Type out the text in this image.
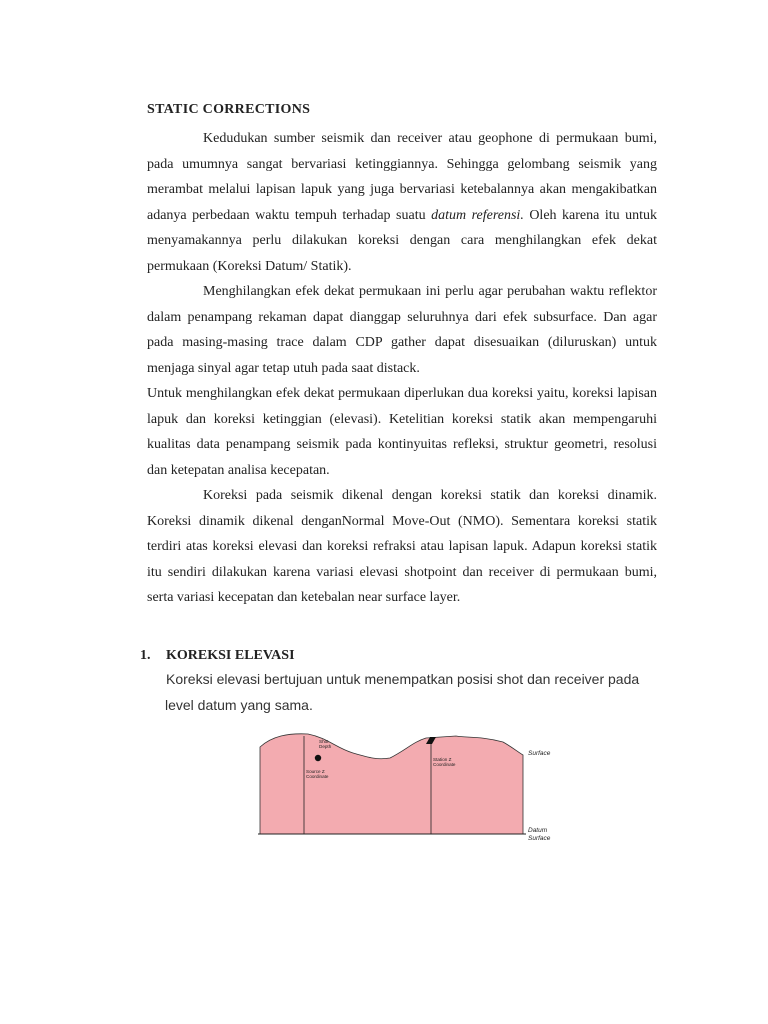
STATIC CORRECTIONS

Kedudukan sumber seismik dan receiver atau geophone di permukaan bumi, pada umumnya sangat bervariasi ketinggiannya. Sehingga gelombang seismik yang merambat melalui lapisan lapuk yang juga bervariasi ketebalannya akan mengakibatkan adanya perbedaan waktu tempuh terhadap suatu datum referensi. Oleh karena itu untuk menyamakannya perlu dilakukan koreksi dengan cara menghilangkan efek dekat permukaan (Koreksi Datum/ Statik).

Menghilangkan efek dekat permukaan ini perlu agar perubahan waktu reflektor dalam penampang rekaman dapat dianggap seluruhnya dari efek subsurface. Dan agar pada masing-masing trace dalam CDP gather dapat disesuaikan (diluruskan) untuk menjaga sinyal agar tetap utuh pada saat distack.

Untuk menghilangkan efek dekat permukaan diperlukan dua koreksi yaitu, koreksi lapisan lapuk dan koreksi ketinggian (elevasi). Ketelitian koreksi statik akan mempengaruhi kualitas data penampang seismik pada kontinyuitas refleksi, struktur geometri, resolusi dan ketepatan analisa kecepatan.

Koreksi pada seismik dikenal dengan koreksi statik dan koreksi dinamik. Koreksi dinamik dikenal denganNormal Move-Out (NMO). Sementara koreksi statik terdiri atas koreksi elevasi dan koreksi refraksi atau lapisan lapuk. Adapun koreksi statik itu sendiri dilakukan karena variasi elevasi shotpoint dan receiver di permukaan bumi, serta variasi kecepatan dan ketebalan near surface layer.

1. KOREKSI ELEVASI
Koreksi elevasi bertujuan untuk menempatkan posisi shot dan receiver pada
level datum yang sama.
Shot
Depth
Source Z
Coordinate
Station Z
Coordinate
Surface
Datum
Surface
